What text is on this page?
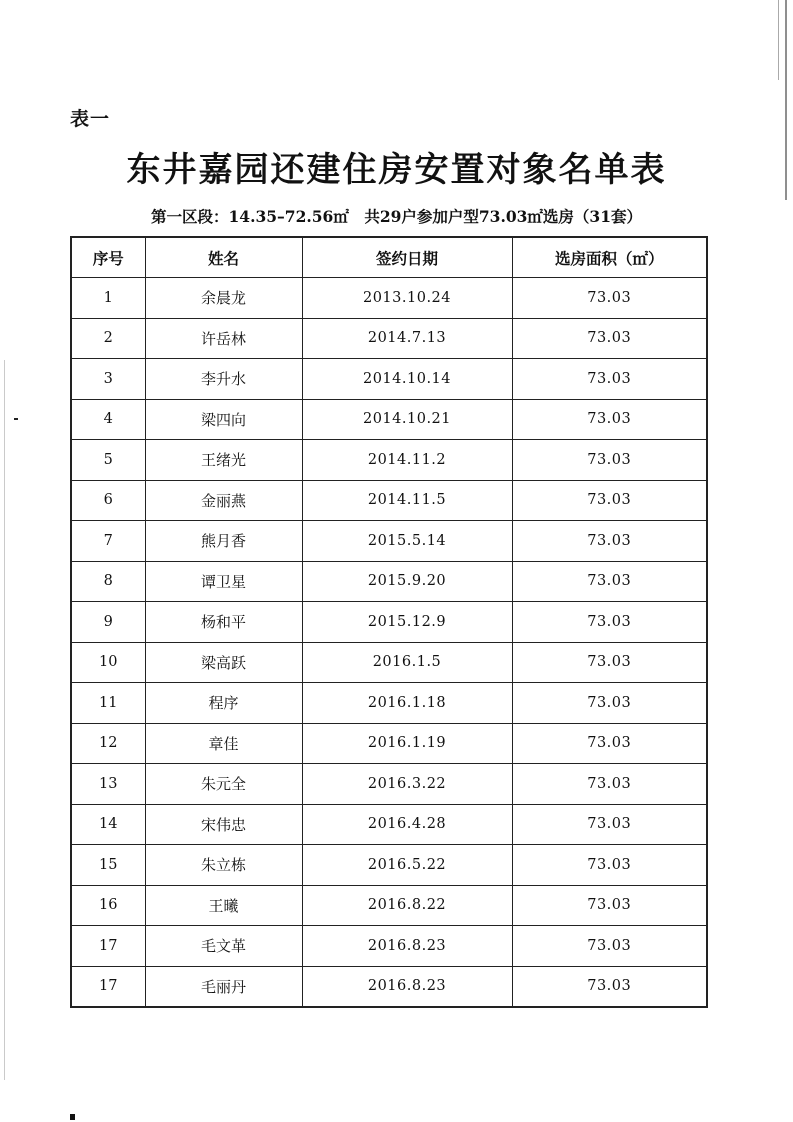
表一
东井嘉园还建住房安置对象名单表
第一区段：14.35–72.56㎡　共29户参加户型73.03㎡选房（31套）
序号	姓名	签约日期	选房面积（㎡）
1	余晨龙	2013.10.24	73.03
2	许岳林	2014.7.13	73.03
3	李升水	2014.10.14	73.03
4	梁四向	2014.10.21	73.03
5	王绪光	2014.11.2	73.03
6	金丽燕	2014.11.5	73.03
7	熊月香	2015.5.14	73.03
8	谭卫星	2015.9.20	73.03
9	杨和平	2015.12.9	73.03
10	梁高跃	2016.1.5	73.03
11	程序	2016.1.18	73.03
12	章佳	2016.1.19	73.03
13	朱元全	2016.3.22	73.03
14	宋伟忠	2016.4.28	73.03
15	朱立栋	2016.5.22	73.03
16	王曦	2016.8.22	73.03
17	毛文革	2016.8.23	73.03
17	毛丽丹	2016.8.23	73.03
